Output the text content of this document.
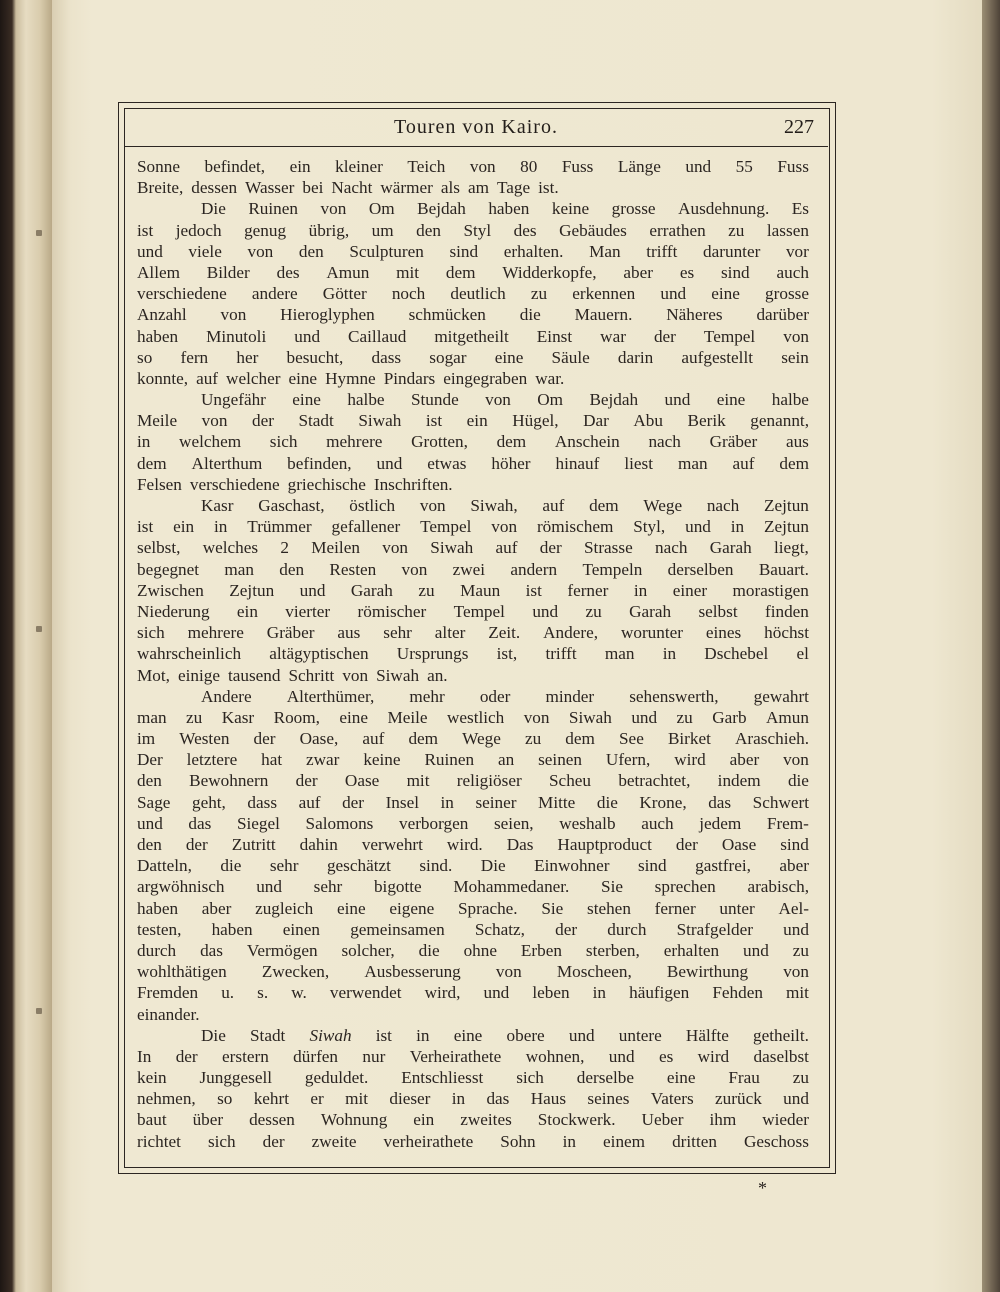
Touren von Kairo.	227
Sonne befindet, ein kleiner Teich von 80 Fuss Länge und 55 Fuss
Breite, dessen Wasser bei Nacht wärmer als am Tage ist.
Die Ruinen von Om Bejdah haben keine grosse Ausdehnung. Es
ist jedoch genug übrig, um den Styl des Gebäudes errathen zu lassen
und viele von den Sculpturen sind erhalten. Man trifft darunter vor
Allem Bilder des Amun mit dem Widderkopfe, aber es sind auch
verschiedene andere Götter noch deutlich zu erkennen und eine grosse
Anzahl von Hieroglyphen schmücken die Mauern. Näheres darüber
haben Minutoli und Caillaud mitgetheilt Einst war der Tempel von
so fern her besucht, dass sogar eine Säule darin aufgestellt sein
konnte, auf welcher eine Hymne Pindars eingegraben war.
Ungefähr eine halbe Stunde von Om Bejdah und eine halbe
Meile von der Stadt Siwah ist ein Hügel, Dar Abu Berik genannt,
in welchem sich mehrere Grotten, dem Anschein nach Gräber aus
dem Alterthum befinden, und etwas höher hinauf liest man auf dem
Felsen verschiedene griechische Inschriften.
Kasr Gaschast, östlich von Siwah, auf dem Wege nach Zejtun
ist ein in Trümmer gefallener Tempel von römischem Styl, und in Zejtun
selbst, welches 2 Meilen von Siwah auf der Strasse nach Garah liegt,
begegnet man den Resten von zwei andern Tempeln derselben Bauart.
Zwischen Zejtun und Garah zu Maun ist ferner in einer morastigen
Niederung ein vierter römischer Tempel und zu Garah selbst finden
sich mehrere Gräber aus sehr alter Zeit. Andere, worunter eines höchst
wahrscheinlich altägyptischen Ursprungs ist, trifft man in Dschebel el
Mot, einige tausend Schritt von Siwah an.
Andere Alterthümer, mehr oder minder sehenswerth, gewahrt
man zu Kasr Room, eine Meile westlich von Siwah und zu Garb Amun
im Westen der Oase, auf dem Wege zu dem See Birket Araschieh.
Der letztere hat zwar keine Ruinen an seinen Ufern, wird aber von
den Bewohnern der Oase mit religiöser Scheu betrachtet, indem die
Sage geht, dass auf der Insel in seiner Mitte die Krone, das Schwert
und das Siegel Salomons verborgen seien, weshalb auch jedem Frem-
den der Zutritt dahin verwehrt wird. Das Hauptproduct der Oase sind
Datteln, die sehr geschätzt sind. Die Einwohner sind gastfrei, aber
argwöhnisch und sehr bigotte Mohammedaner. Sie sprechen arabisch,
haben aber zugleich eine eigene Sprache. Sie stehen ferner unter Ael-
testen, haben einen gemeinsamen Schatz, der durch Strafgelder und
durch das Vermögen solcher, die ohne Erben sterben, erhalten und zu
wohlthätigen Zwecken, Ausbesserung von Moscheen, Bewirthung von
Fremden u. s. w. verwendet wird, und leben in häufigen Fehden mit
einander.
Die Stadt Siwah ist in eine obere und untere Hälfte getheilt.
In der erstern dürfen nur Verheirathete wohnen, und es wird daselbst
kein Junggesell geduldet. Entschliesst sich derselbe eine Frau zu
nehmen, so kehrt er mit dieser in das Haus seines Vaters zurück und
baut über dessen Wohnung ein zweites Stockwerk. Ueber ihm wieder
richtet sich der zweite verheirathete Sohn in einem dritten Geschoss
*
